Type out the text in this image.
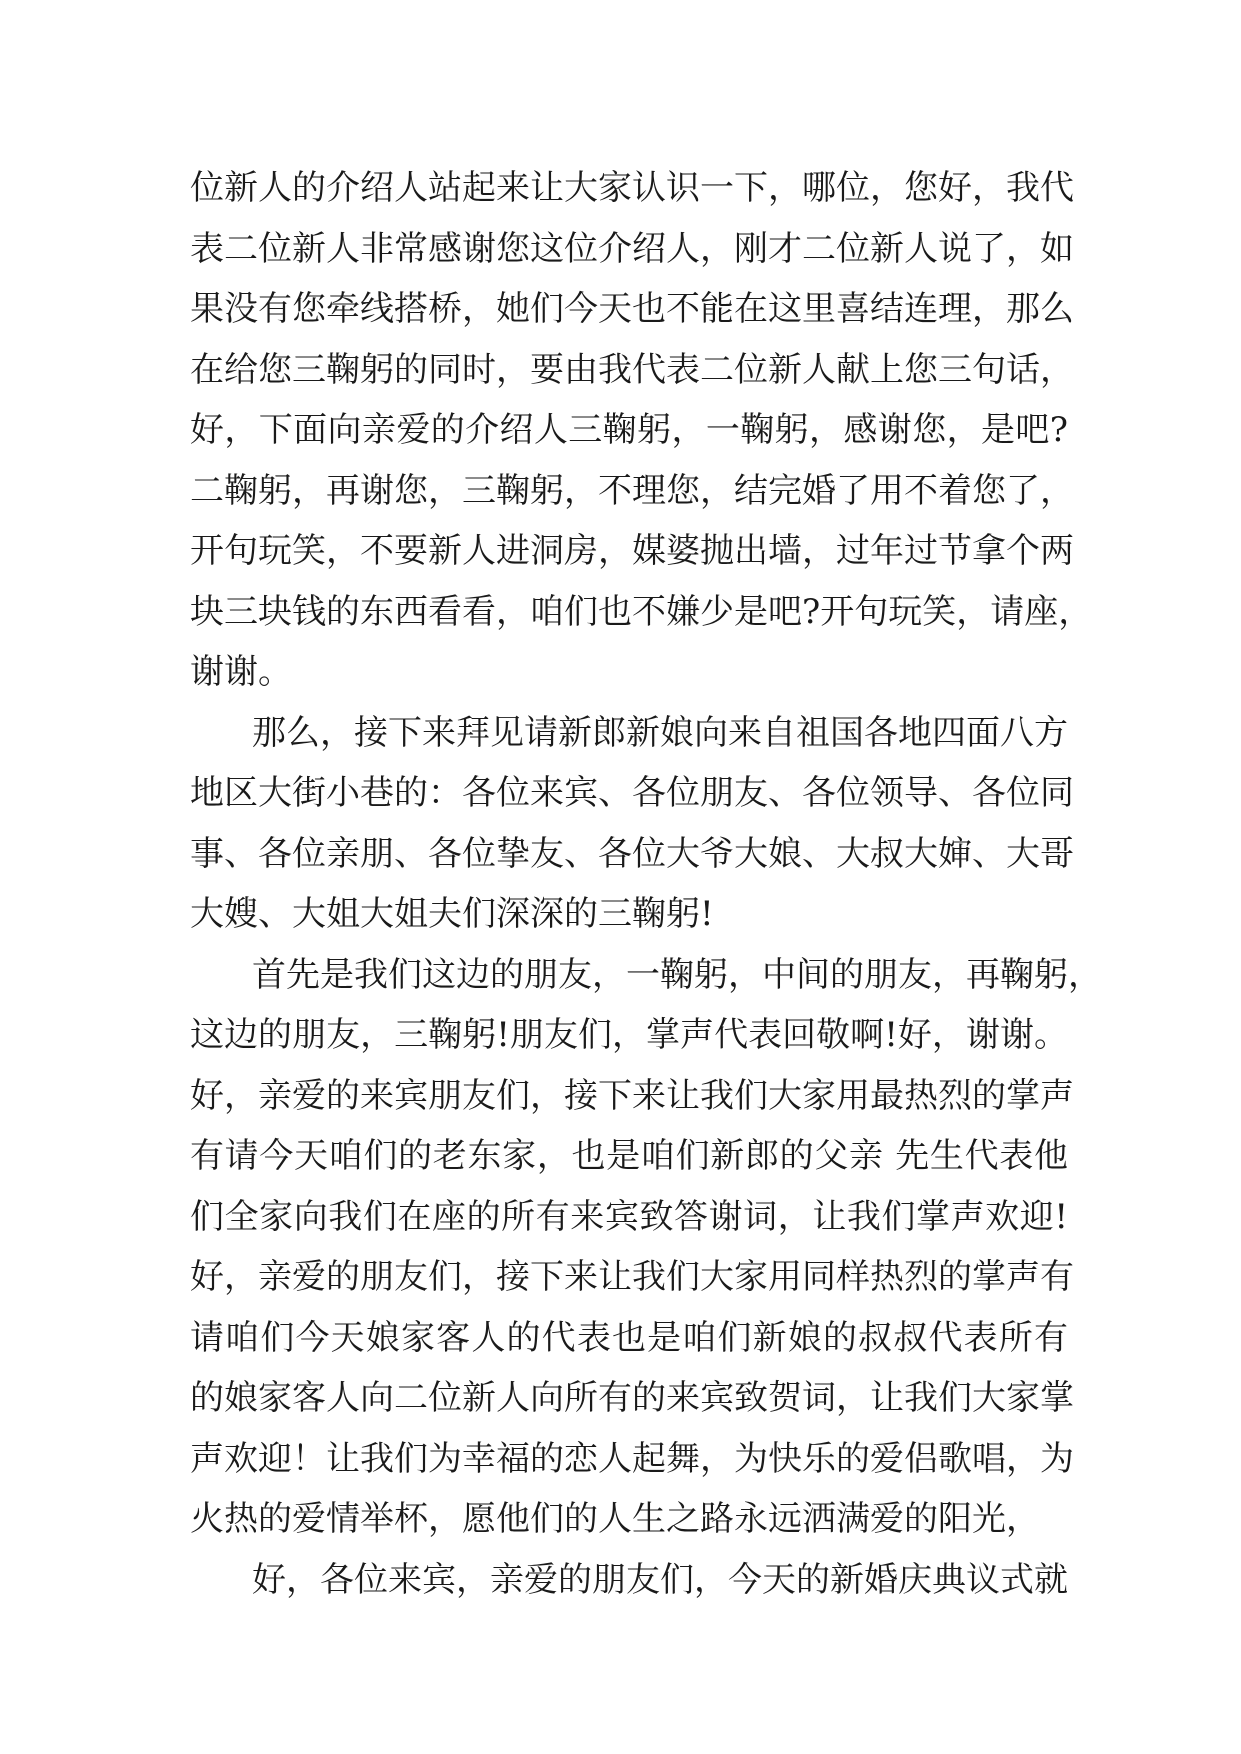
位新人的介绍人站起来让大家认识一下，哪位，您好，我代
表二位新人非常感谢您这位介绍人，刚才二位新人说了，如
果没有您牵线搭桥，她们今天也不能在这里喜结连理，那么
在给您三鞠躬的同时，要由我代表二位新人献上您三句话，
好，下面向亲爱的介绍人三鞠躬，一鞠躬，感谢您，是吧?
二鞠躬，再谢您，三鞠躬，不理您，结完婚了用不着您了，
开句玩笑，不要新人进洞房，媒婆抛出墙，过年过节拿个两
块三块钱的东西看看，咱们也不嫌少是吧?开句玩笑，请座，
谢谢。
那么，接下来拜见请新郎新娘向来自祖国各地四面八方
地区大街小巷的：各位来宾、各位朋友、各位领导、各位同
事、各位亲朋、各位挚友、各位大爷大娘、大叔大婶、大哥
大嫂、大姐大姐夫们深深的三鞠躬!
首先是我们这边的朋友，一鞠躬，中间的朋友，再鞠躬，
这边的朋友，三鞠躬!朋友们，掌声代表回敬啊!好，谢谢。
好，亲爱的来宾朋友们，接下来让我们大家用最热烈的掌声
有请今天咱们的老东家，也是咱们新郎的父亲 先生代表他
们全家向我们在座的所有来宾致答谢词，让我们掌声欢迎!
好，亲爱的朋友们，接下来让我们大家用同样热烈的掌声有
请咱们今天娘家客人的代表也是咱们新娘的叔叔代表所有
的娘家客人向二位新人向所有的来宾致贺词，让我们大家掌
声欢迎！让我们为幸福的恋人起舞，为快乐的爱侣歌唱，为
火热的爱情举杯，愿他们的人生之路永远洒满爱的阳光，
好，各位来宾，亲爱的朋友们，今天的新婚庆典议式就
